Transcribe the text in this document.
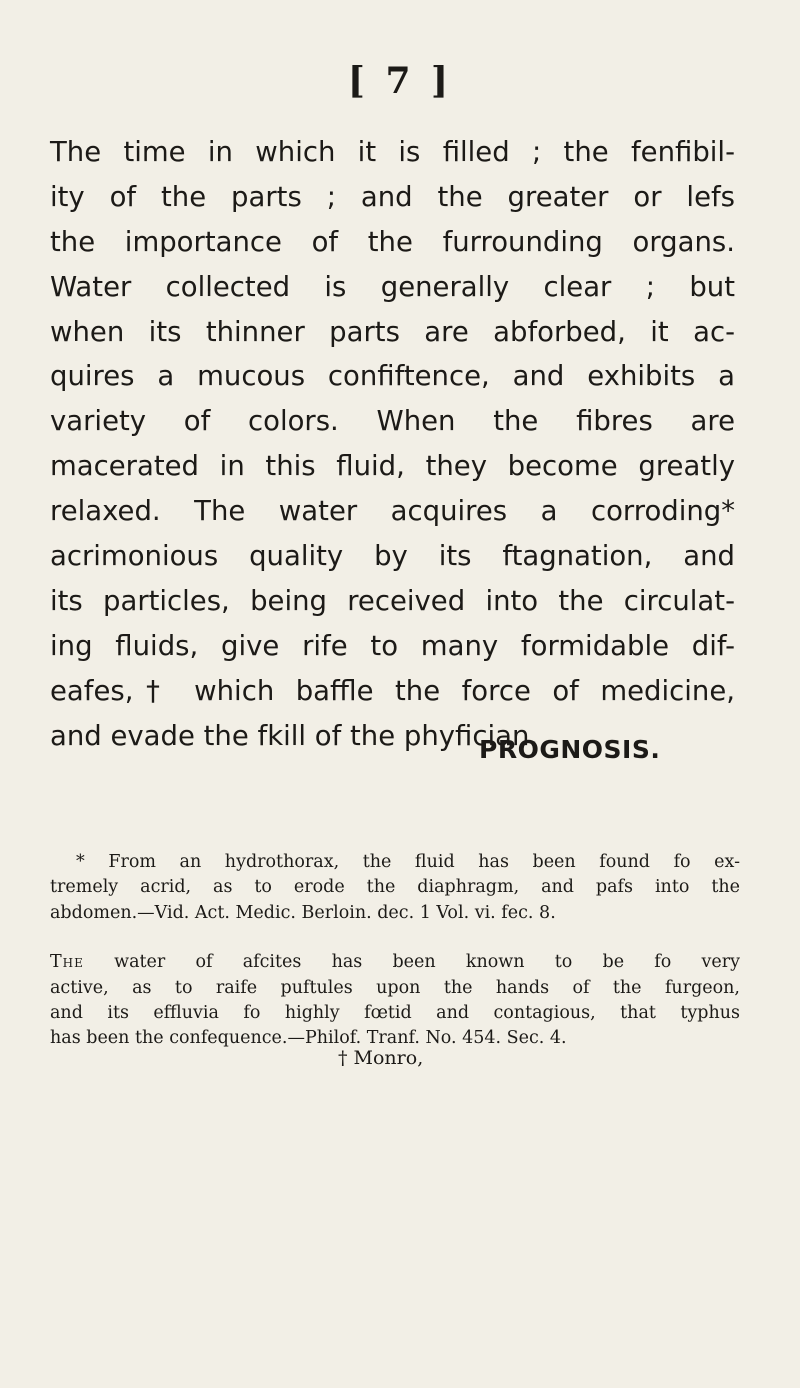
[ 7 ]
The time in which it is filled ; the fenfibil-
ity of the parts ; and the greater or lefs
the importance of the furrounding organs.
Water collected is generally clear ; but
when its thinner parts are abforbed, it ac-
quires a mucous confiftence, and exhibits a
variety of colors. When the fibres are
macerated in this fluid, they become greatly
relaxed. The water acquires a corroding*
acrimonious quality by its ftagnation, and
its particles, being received into the circulat-
ing fluids, give rife to many formidable dif-
eafes,† which baffle the force of medicine,
and evade the fkill of the phyfician.
PROGNOSIS.
* From an hydrothorax, the fluid has been found fo ex-
tremely acrid, as to erode the diaphragm, and pafs into the
abdomen.—Vid. Act. Medic. Berloin. dec. 1 Vol. vi. fec. 8.
The water of afcites has been known to be fo very
active, as to raife puftules upon the hands of the furgeon,
and its effluvia fo highly fœtid and contagious, that typhus
has been the confequence.—Philof. Tranf. No. 454. Sec. 4.
† Monro,
